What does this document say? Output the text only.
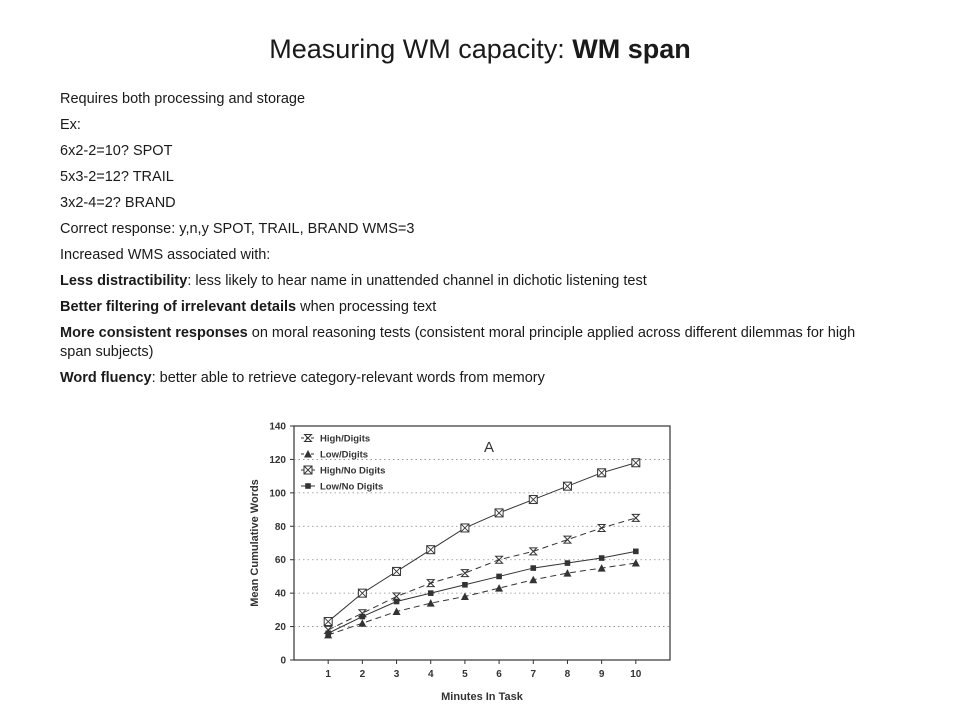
Measuring WM capacity: WM span
Requires both processing and storage
Ex:
6x2-2=10? SPOT
5x3-2=12? TRAIL
3x2-4=2? BRAND
Correct response: y,n,y SPOT, TRAIL, BRAND WMS=3
Increased WMS associated with:
Less distractibility: less likely to hear name in unattended channel in dichotic listening test
Better filtering of irrelevant details when processing text
More consistent responses on moral reasoning tests (consistent moral principle applied across different dilemmas for high span subjects)
Word fluency: better able to retrieve category-relevant words from memory
0
20
40
60
80
100
120
140
1	2	3	4	5	6	7	8	9	10
Minutes In Task
Mean Cumulative Words
A
High/Digits
Low/Digits
High/No Digits
Low/No Digits
